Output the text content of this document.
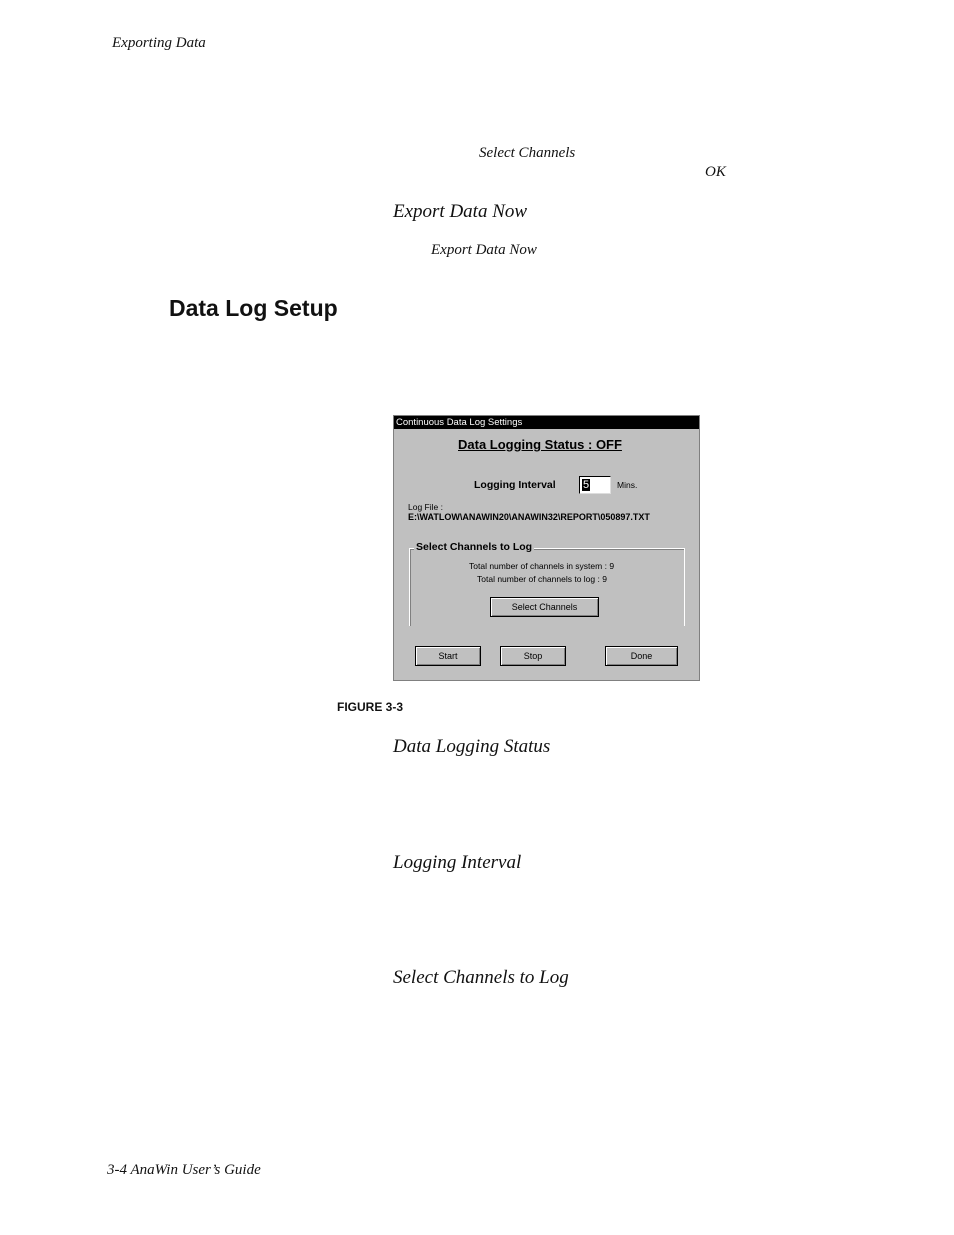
Exporting Data
Select Channels
OK
Export Data Now
Export Data Now
Data Log Setup
Continuous Data Log Settings
Data Logging Status : OFF
Logging Interval	5	Mins.
Log File :
E:\WATLOW\ANAWIN20\ANAWIN32\REPORT\050897.TXT
Select Channels to Log
Total number of channels in system : 9
Total number of channels to log : 9
Select Channels
Start	Stop	Done
FIGURE 3-3
Data Logging Status
Logging Interval
Select Channels to Log
3-4 AnaWin User’s Guide
